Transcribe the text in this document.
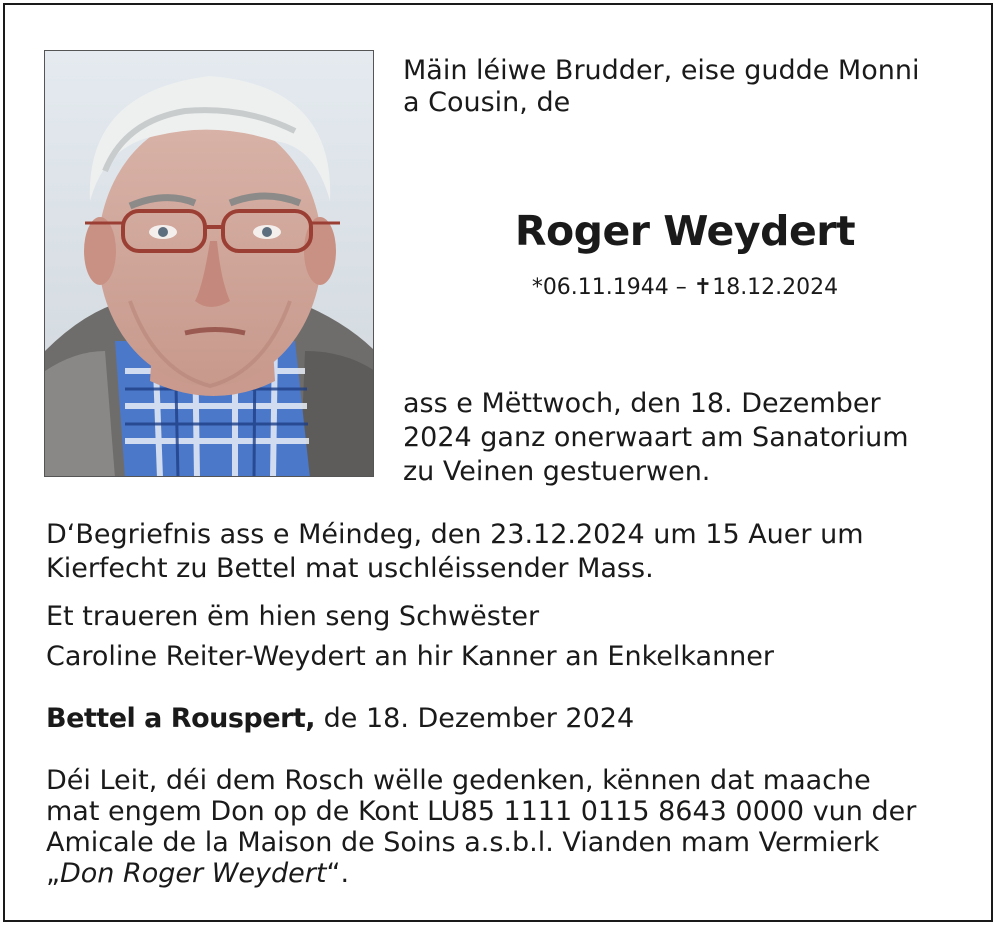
Mäin léiwe Brudder, eise gudde Monni
a Cousin, de

Roger Weydert

*06.11.1944 – ✝18.12.2024

ass e Mëttwoch, den 18. Dezember
2024 ganz onerwaart am Sanatorium
zu Veinen gestuerwen.

D‘Begriefnis ass e Méindeg, den 23.12.2024 um 15 Auer um
Kierfecht zu Bettel mat uschléissender Mass.

Et traueren ëm hien seng Schwëster

Caroline Reiter-Weydert an hir Kanner an Enkelkanner

Bettel a Rouspert, de 18. Dezember 2024

Déi Leit, déi dem Rosch wëlle gedenken, kënnen dat maache
mat engem Don op de Kont LU85 1111 0115 8643 0000 vun der
Amicale de la Maison de Soins a.s.b.l. Vianden mam Vermierk
„Don Roger Weydert“.
